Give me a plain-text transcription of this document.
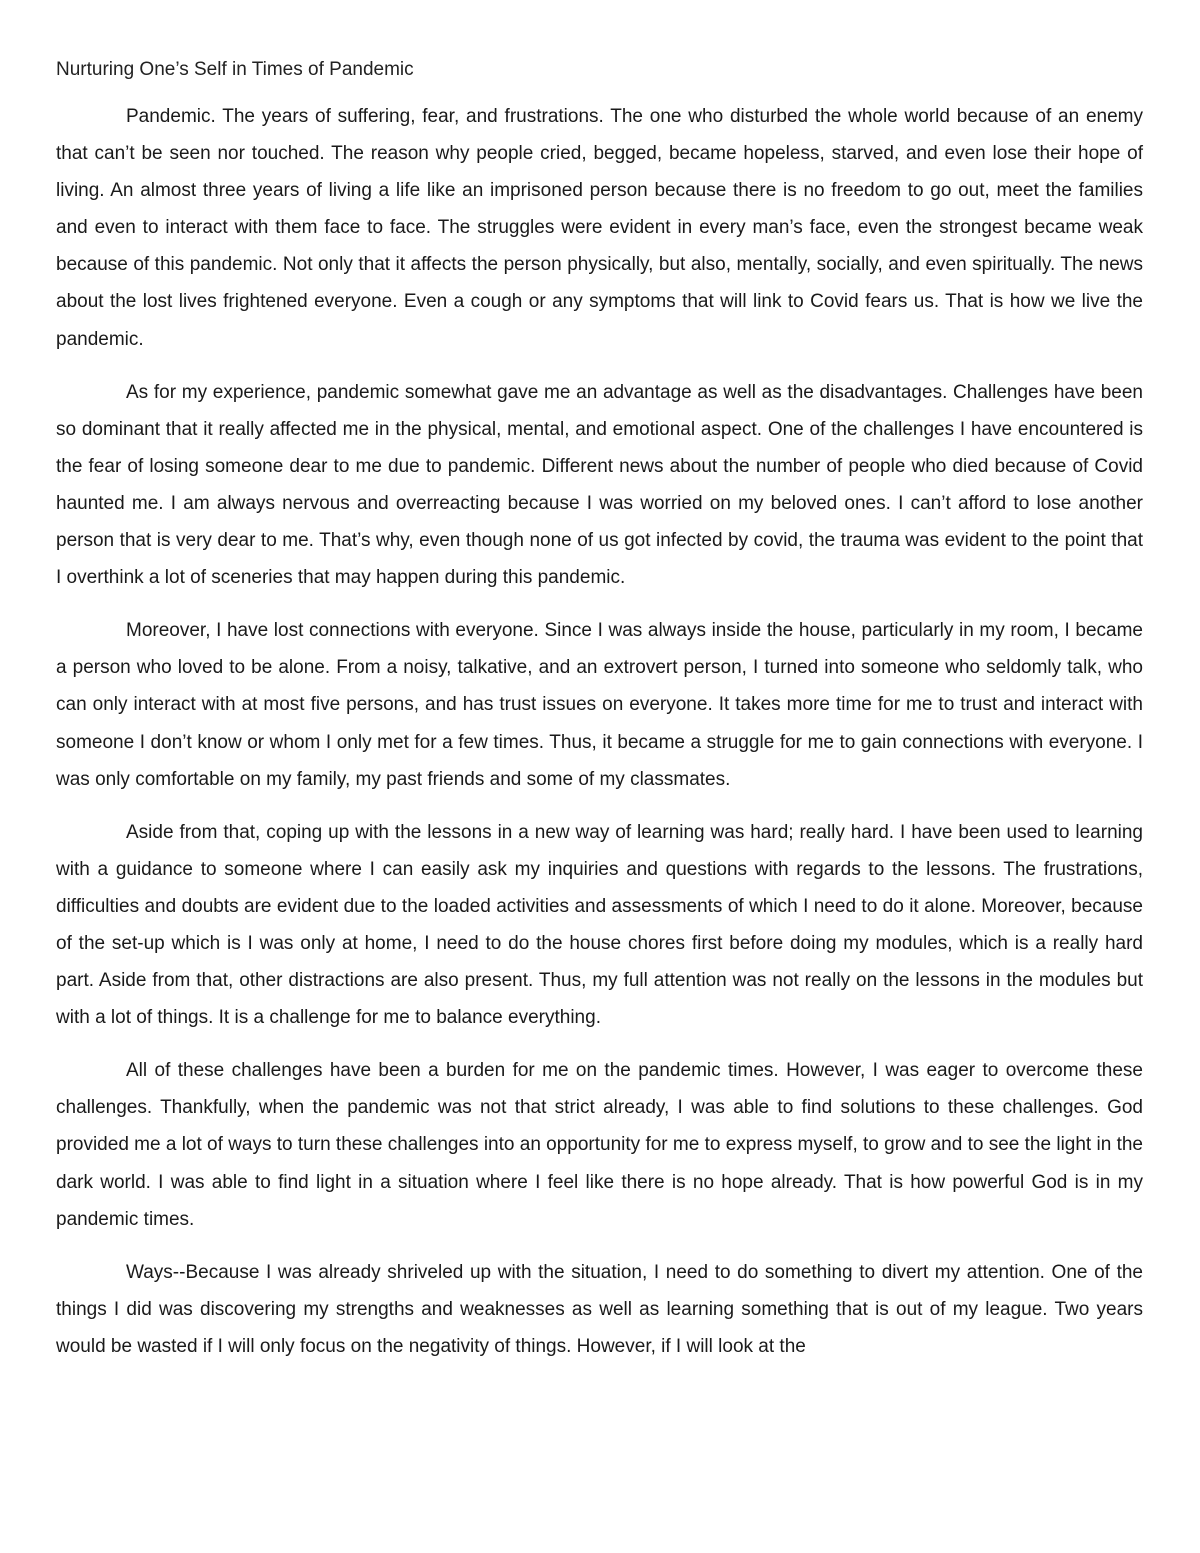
Nurturing One’s Self in Times of Pandemic

Pandemic. The years of suffering, fear, and frustrations. The one who disturbed the whole world because of an enemy that can’t be seen nor touched. The reason why people cried, begged, became hopeless, starved, and even lose their hope of living. An almost three years of living a life like an imprisoned person because there is no freedom to go out, meet the families and even to interact with them face to face. The struggles were evident in every man’s face, even the strongest became weak because of this pandemic. Not only that it affects the person physically, but also, mentally, socially, and even spiritually. The news about the lost lives frightened everyone. Even a cough or any symptoms that will link to Covid fears us. That is how we live the pandemic.

As for my experience, pandemic somewhat gave me an advantage as well as the disadvantages. Challenges have been so dominant that it really affected me in the physical, mental, and emotional aspect. One of the challenges I have encountered is the fear of losing someone dear to me due to pandemic. Different news about the number of people who died because of Covid haunted me. I am always nervous and overreacting because I was worried on my beloved ones. I can’t afford to lose another person that is very dear to me. That’s why, even though none of us got infected by covid, the trauma was evident to the point that I overthink a lot of sceneries that may happen during this pandemic.

Moreover, I have lost connections with everyone. Since I was always inside the house, particularly in my room, I became a person who loved to be alone. From a noisy, talkative, and an extrovert person, I turned into someone who seldomly talk, who can only interact with at most five persons, and has trust issues on everyone. It takes more time for me to trust and interact with someone I don’t know or whom I only met for a few times. Thus, it became a struggle for me to gain connections with everyone. I was only comfortable on my family, my past friends and some of my classmates.

Aside from that, coping up with the lessons in a new way of learning was hard; really hard. I have been used to learning with a guidance to someone where I can easily ask my inquiries and questions with regards to the lessons. The frustrations, difficulties and doubts are evident due to the loaded activities and assessments of which I need to do it alone. Moreover, because of the set-up which is I was only at home, I need to do the house chores first before doing my modules, which is a really hard part. Aside from that, other distractions are also present. Thus, my full attention was not really on the lessons in the modules but with a lot of things. It is a challenge for me to balance everything.

All of these challenges have been a burden for me on the pandemic times. However, I was eager to overcome these challenges. Thankfully, when the pandemic was not that strict already, I was able to find solutions to these challenges. God provided me a lot of ways to turn these challenges into an opportunity for me to express myself, to grow and to see the light in the dark world. I was able to find light in a situation where I feel like there is no hope already. That is how powerful God is in my pandemic times.

Ways--Because I was already shriveled up with the situation, I need to do something to divert my attention. One of the things I did was discovering my strengths and weaknesses as well as learning something that is out of my league. Two years would be wasted if I will only focus on the negativity of things. However, if I will look at the
